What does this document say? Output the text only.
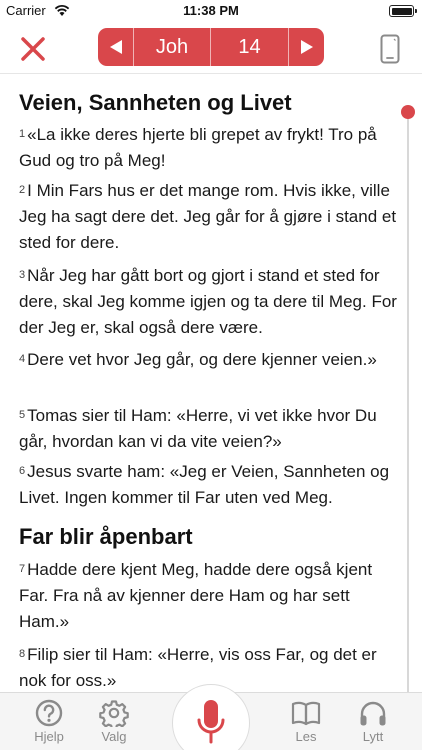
Carrier	11:38 PM
Joh	14
Veien, Sannheten og Livet
$^1$ «La ikke deres hjerte bli grepet av frykt! Tro på Gud og tro på Meg!
$^2$ I Min Fars hus er det mange rom. Hvis ikke, ville Jeg ha sagt dere det. Jeg går for å gjøre i stand et sted for dere.
$^3$ Når Jeg har gått bort og gjort i stand et sted for dere, skal Jeg komme igjen og ta dere til Meg. For der Jeg er, skal også dere være.
$^4$ Dere vet hvor Jeg går, og dere kjenner veien.»
$^5$ Tomas sier til Ham: «Herre, vi vet ikke hvor Du går, hvordan kan vi da vite veien?»
$^6$ Jesus svarte ham: «Jeg er Veien, Sannheten og Livet. Ingen kommer til Far uten ved Meg.
Far blir åpenbart
$^7$ Hadde dere kjent Meg, hadde dere også kjent Far. Fra nå av kjenner dere Ham og har sett Ham.»
$^8$ Filip sier til Ham: «Herre, vis oss Far, og det er nok for oss.»
Hjelp	Valg	Les	Lytt
